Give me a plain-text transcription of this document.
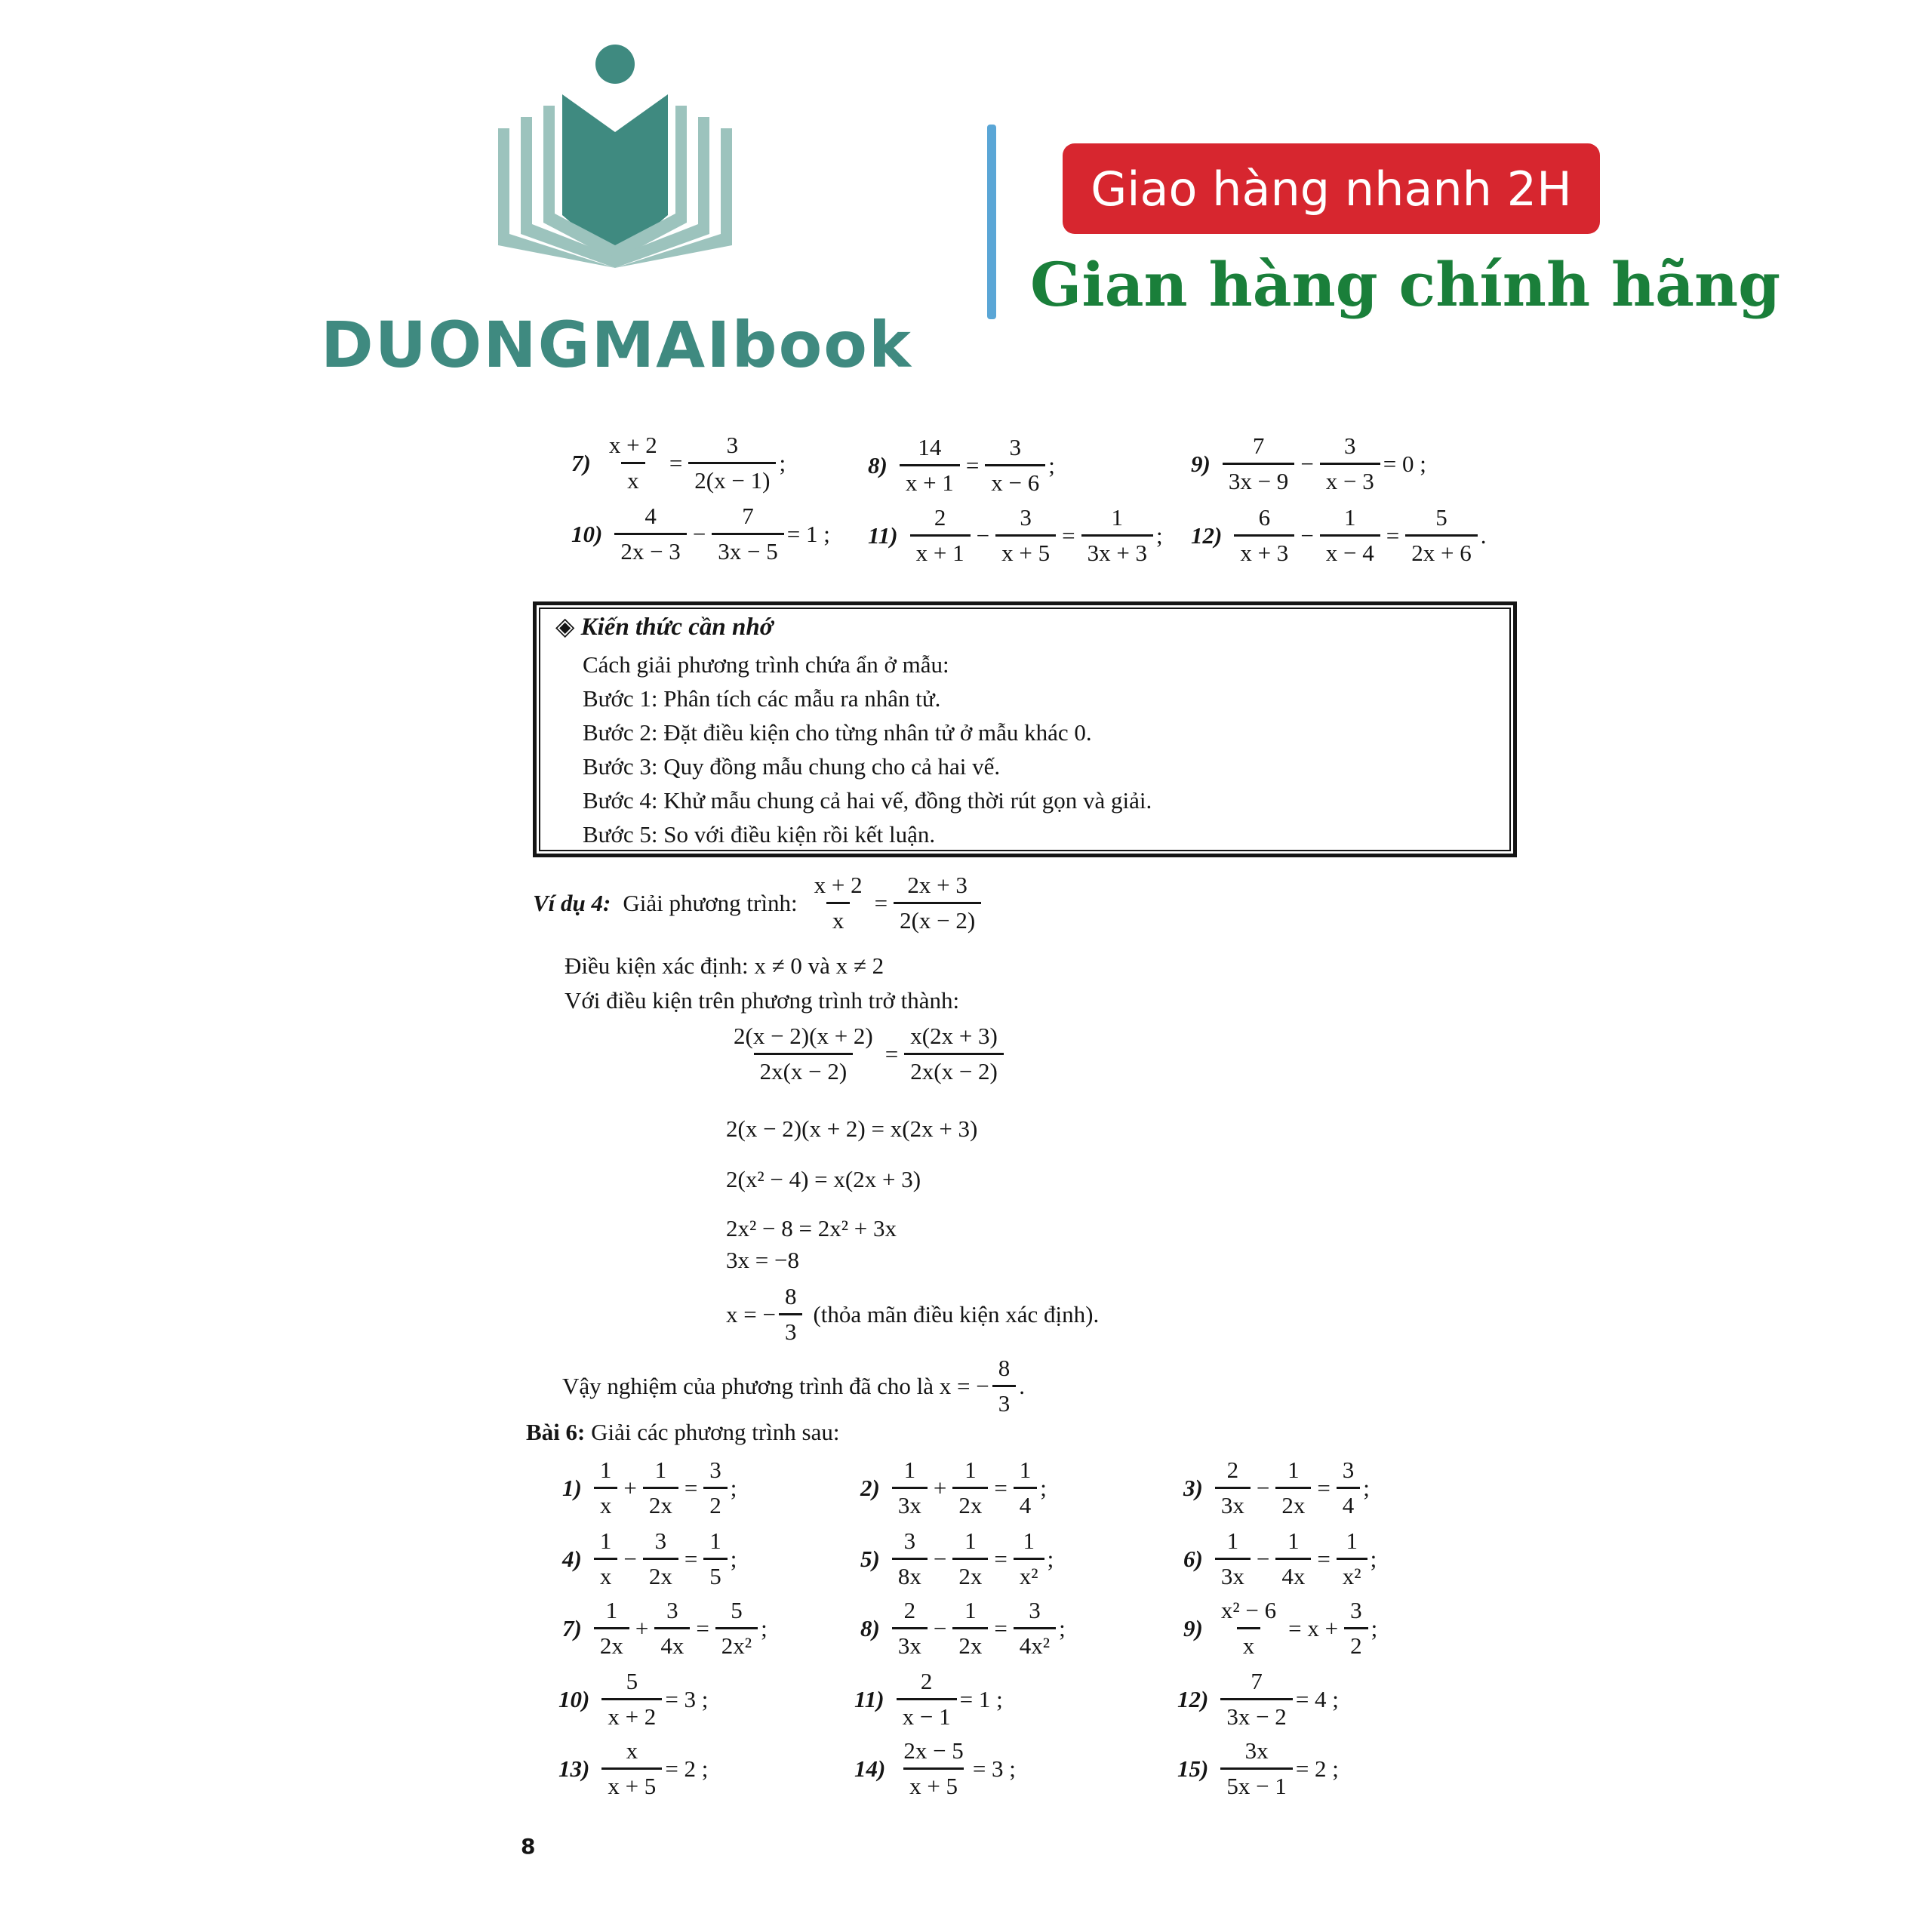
DUONGMAIbook
Giao hàng nhanh 2H
Gian hàng chính hãng
$7) \frac{x + 2}{x} = \frac{3}{2(x - 1)}$ ;	$8) \frac{14}{x + 1} = \frac{3}{x - 6}$ ;	$9) \frac{7}{3x - 9} - \frac{3}{x - 3} = 0$ ;
$10) \frac{4}{2x - 3} - \frac{7}{3x - 5} = 1$ ; $11) \frac{2}{x + 1} - \frac{3}{x + 5} = \frac{1}{3x + 3}$ ; $12) \frac{6}{x + 3} - \frac{1}{x - 4} = \frac{5}{2x + 6}$ .
◈ Kiến thức cần nhớ
Cách giải phương trình chứa ẩn ở mẫu:
Bước 1: Phân tích các mẫu ra nhân tử.
Bước 2: Đặt điều kiện cho từng nhân tử ở mẫu khác 0.
Bước 3: Quy đồng mẫu chung cho cả hai vế.
Bước 4: Khử mẫu chung cả hai vế, đồng thời rút gọn và giải.
Bước 5: So với điều kiện rồi kết luận.
Ví dụ 4: Giải phương trình: $\frac{x + 2}{x} = \frac{2x + 3}{2(x - 2)}$
Điều kiện xác định: x ≠ 0 và x ≠ 2
Với điều kiện trên phương trình trở thành:
$\frac{2(x - 2)(x + 2)}{2x(x - 2)} = \frac{x(2x + 3)}{2x(x - 2)}$
2(x − 2)(x + 2) = x(2x + 3)
2(x² − 4) = x(2x + 3)
2x² − 8 = 2x² + 3x
3x = −8
x = − $\frac{8}{3}$ (thỏa mãn điều kiện xác định).
Vậy nghiệm của phương trình đã cho là x = − $\frac{8}{3}$ .
Bài 6: Giải các phương trình sau:
$1) \frac{1}{x} + \frac{1}{2x} = \frac{3}{2}$ ;	$2) \frac{1}{3x} + \frac{1}{2x} = \frac{1}{4}$ ;	$3) \frac{2}{3x} - \frac{1}{2x} = \frac{3}{4}$ ;
$4) \frac{1}{x} - \frac{3}{2x} = \frac{1}{5}$ ;	$5) \frac{3}{8x} - \frac{1}{2x} = \frac{1}{\text{x²}}$ ;	$6) \frac{1}{3x} - \frac{1}{4x} = \frac{1}{\text{x²}}$ ;
$7) \frac{1}{2x} + \frac{3}{4x} = \frac{5}{\text{2x²}}$ ;	$8) \frac{2}{3x} - \frac{1}{2x} = \frac{3}{\text{4x²}}$ ;	$9) \frac{\text{x² − 6}}{x} = x + \frac{3}{2}$ ;
$10) \frac{5}{x + 2} = 3$ ;	$11) \frac{2}{x - 1} = 1$ ;	$12) \frac{7}{3x - 2} = 4$ ;
$13) \frac{x}{x + 5} = 2$ ;	$14) \frac{2x - 5}{x + 5} = 3$ ;	$15) \frac{3x}{5x - 1} = 2$ ;
8
